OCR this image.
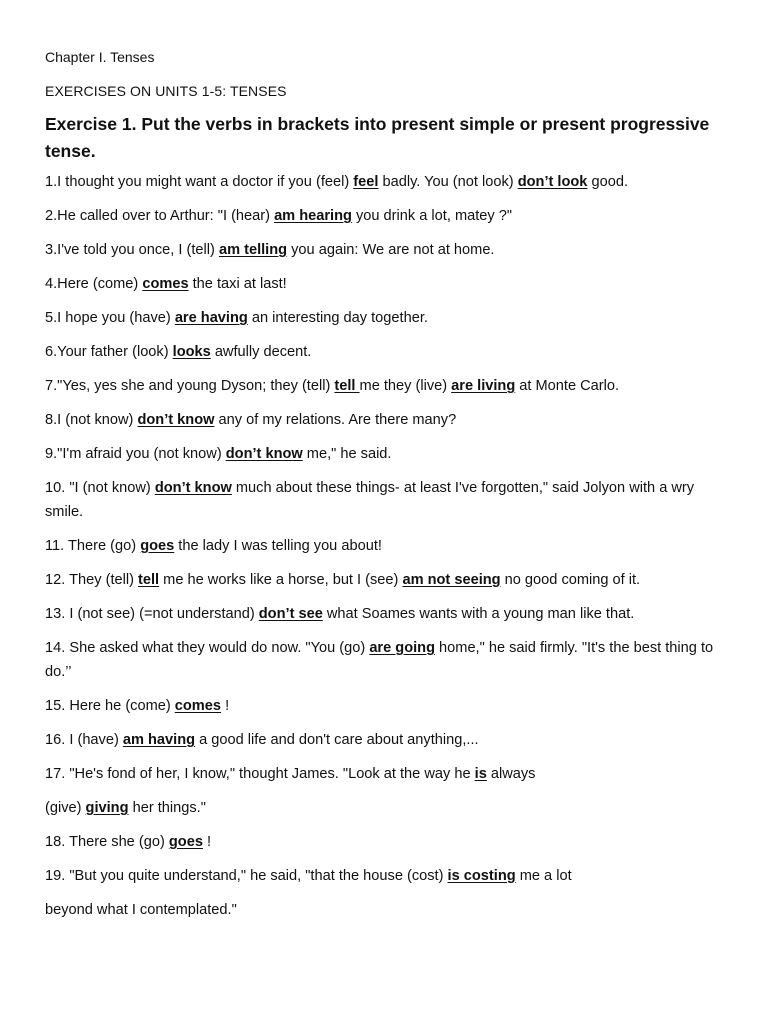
Chapter I. Tenses
EXERCISES ON UNITS 1-5: TENSES
Exercise 1. Put the verbs in brackets into present simple or present progressive tense.
1.I thought you might want a doctor if you (feel) feel badly. You (not look) don’t look good.
2.He called over to Arthur: "I (hear) am hearing you drink a lot, matey ?"
3.I've told you once, I (tell) am telling you again: We are not at home.
4.Here (come) comes the taxi at last!
5.I hope you (have) are having an interesting day together.
6.Your father (look) looks awfully decent.
7."Yes, yes she and young Dyson; they (tell) tell me they (live) are living at Monte Carlo.
8.I (not know) don’t know any of my relations. Are there many?
9."I'm afraid you (not know) don’t know me," he said.
10. "I (not know) don’t know much about these things- at least I've forgotten," said Jolyon with a wry smile.
11. There (go) goes the lady I was telling you about!
12. They (tell) tell me he works like a horse, but I (see) am not seeing no good coming of it.
13. I (not see) (=not understand) don’t see what Soames wants with a young man like that.
14. She asked what they would do now. "You (go) are going home," he said firmly. "It's the best thing to do.’’
15. Here he (come) comes !
16. I (have) am having a good life and don't care about anything,...
17. "He's fond of her, I know," thought James. "Look at the way he is always
(give) giving her things."
18. There she (go) goes !
19. "But you quite understand," he said, "that the house (cost) is costing me a lot
beyond what I contemplated."
